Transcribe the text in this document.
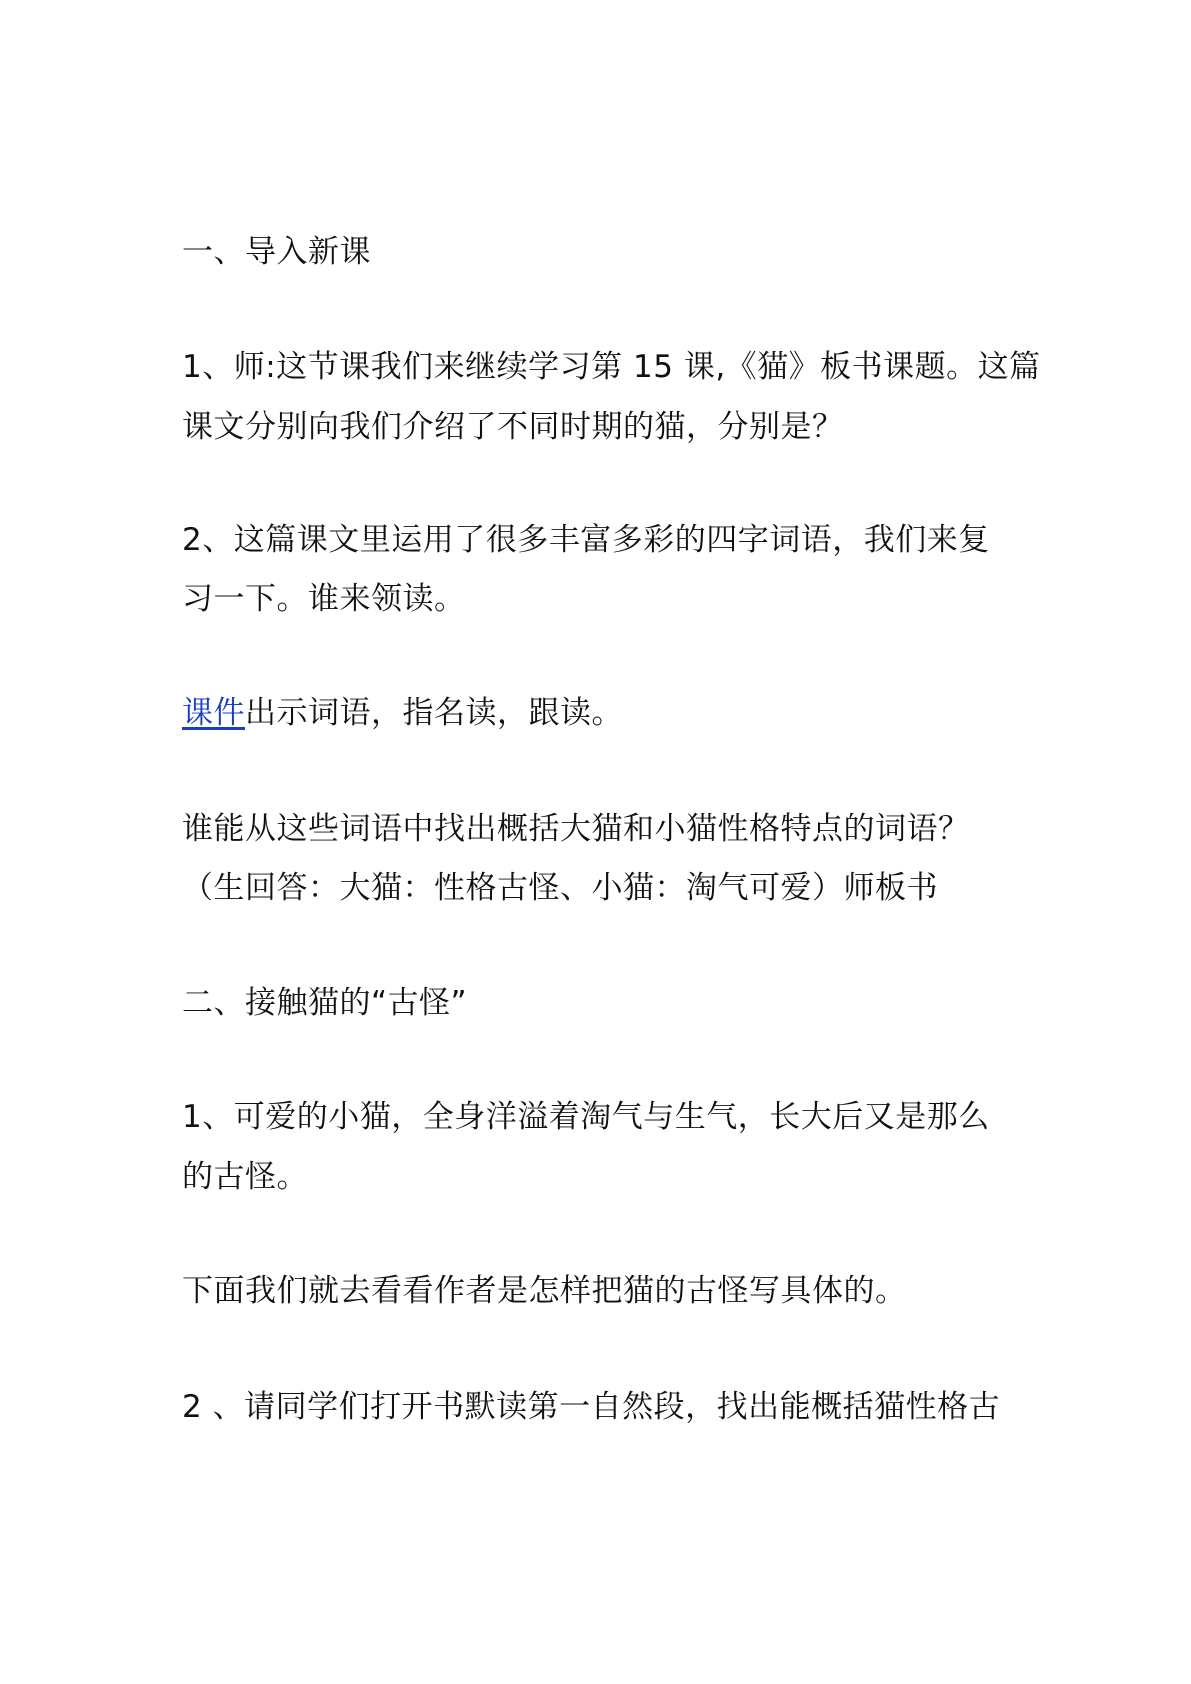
一、导入新课
1、师:这节课我们来继续学习第 15 课,《猫》板书课题。这篇
课文分别向我们介绍了不同时期的猫，分别是？
2、这篇课文里运用了很多丰富多彩的四字词语，我们来复
习一下。谁来领读。
课件出示词语，指名读，跟读。
谁能从这些词语中找出概括大猫和小猫性格特点的词语？
（生回答：大猫：性格古怪、小猫：淘气可爱）师板书
二、接触猫的“古怪”
1、可爱的小猫，全身洋溢着淘气与生气，长大后又是那么
的古怪。
下面我们就去看看作者是怎样把猫的古怪写具体的。
2 、请同学们打开书默读第一自然段，找出能概括猫性格古
